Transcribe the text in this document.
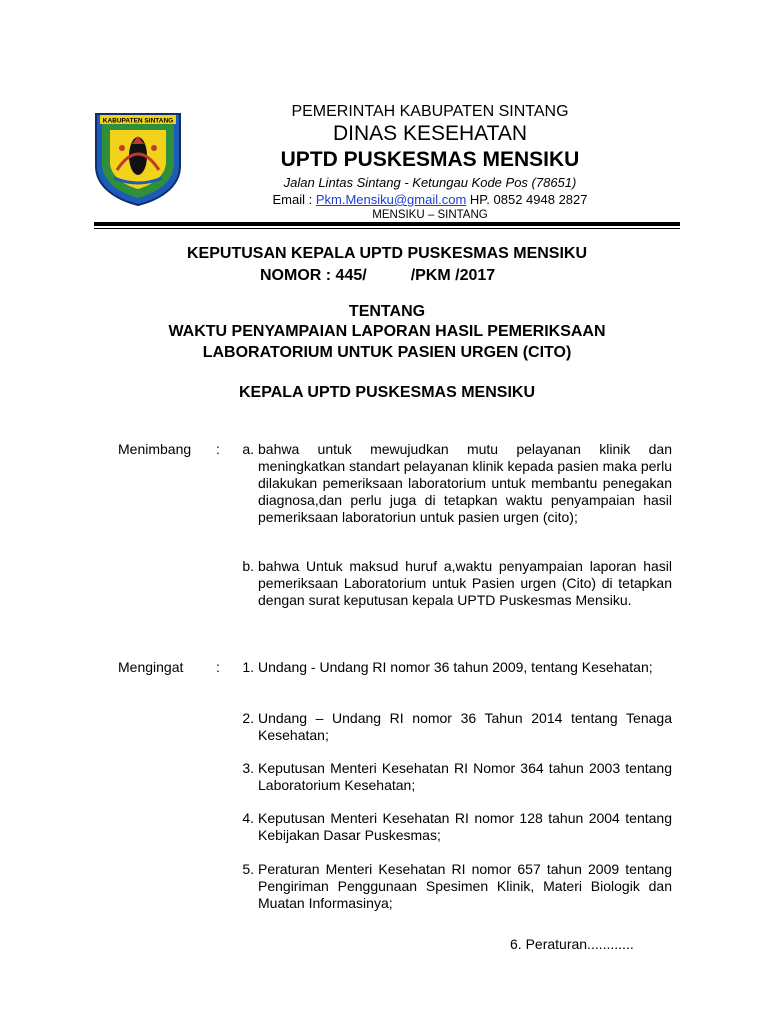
KABUPATEN SINTANG
PEMERINTAH KABUPATEN SINTANG
DINAS KESEHATAN
UPTD PUSKESMAS MENSIKU
Jalan Lintas Sintang - Ketungau Kode Pos (78651)
Email : Pkm.Mensiku@gmail.com HP. 0852 4948 2827
MENSIKU – SINTANG
KEPUTUSAN KEPALA UPTD PUSKESMAS MENSIKU
NOMOR : 445/	/PKM /2017
TENTANG
WAKTU PENYAMPAIAN LAPORAN HASIL PEMERIKSAAN
LABORATORIUM UNTUK PASIEN URGEN (CITO)
KEPALA UPTD PUSKESMAS MENSIKU
Menimbang :	a. bahwa untuk mewujudkan mutu pelayanan klinik dan meningkatkan standart pelayanan klinik kepada pasien maka perlu dilakukan pemeriksaan laboratorium untuk membantu penegakan diagnosa,dan perlu juga di tetapkan waktu penyampaian hasil pemeriksaan laboratoriun untuk pasien urgen (cito);
b. bahwa Untuk maksud huruf a,waktu penyampaian laporan hasil pemeriksaan Laboratorium untuk Pasien urgen (Cito) di tetapkan dengan surat keputusan kepala UPTD Puskesmas Mensiku.
Mengingat :	1. Undang - Undang RI nomor 36 tahun 2009, tentang Kesehatan;
2. Undang – Undang RI nomor 36 Tahun 2014 tentang Tenaga Kesehatan;
3. Keputusan Menteri Kesehatan RI Nomor 364 tahun 2003 tentang Laboratorium Kesehatan;
4. Keputusan Menteri Kesehatan RI nomor 128 tahun 2004 tentang Kebijakan Dasar Puskesmas;
5. Peraturan Menteri Kesehatan RI nomor 657 tahun 2009 tentang Pengiriman Penggunaan Spesimen Klinik, Materi Biologik dan Muatan Informasinya;
6. Peraturan............
